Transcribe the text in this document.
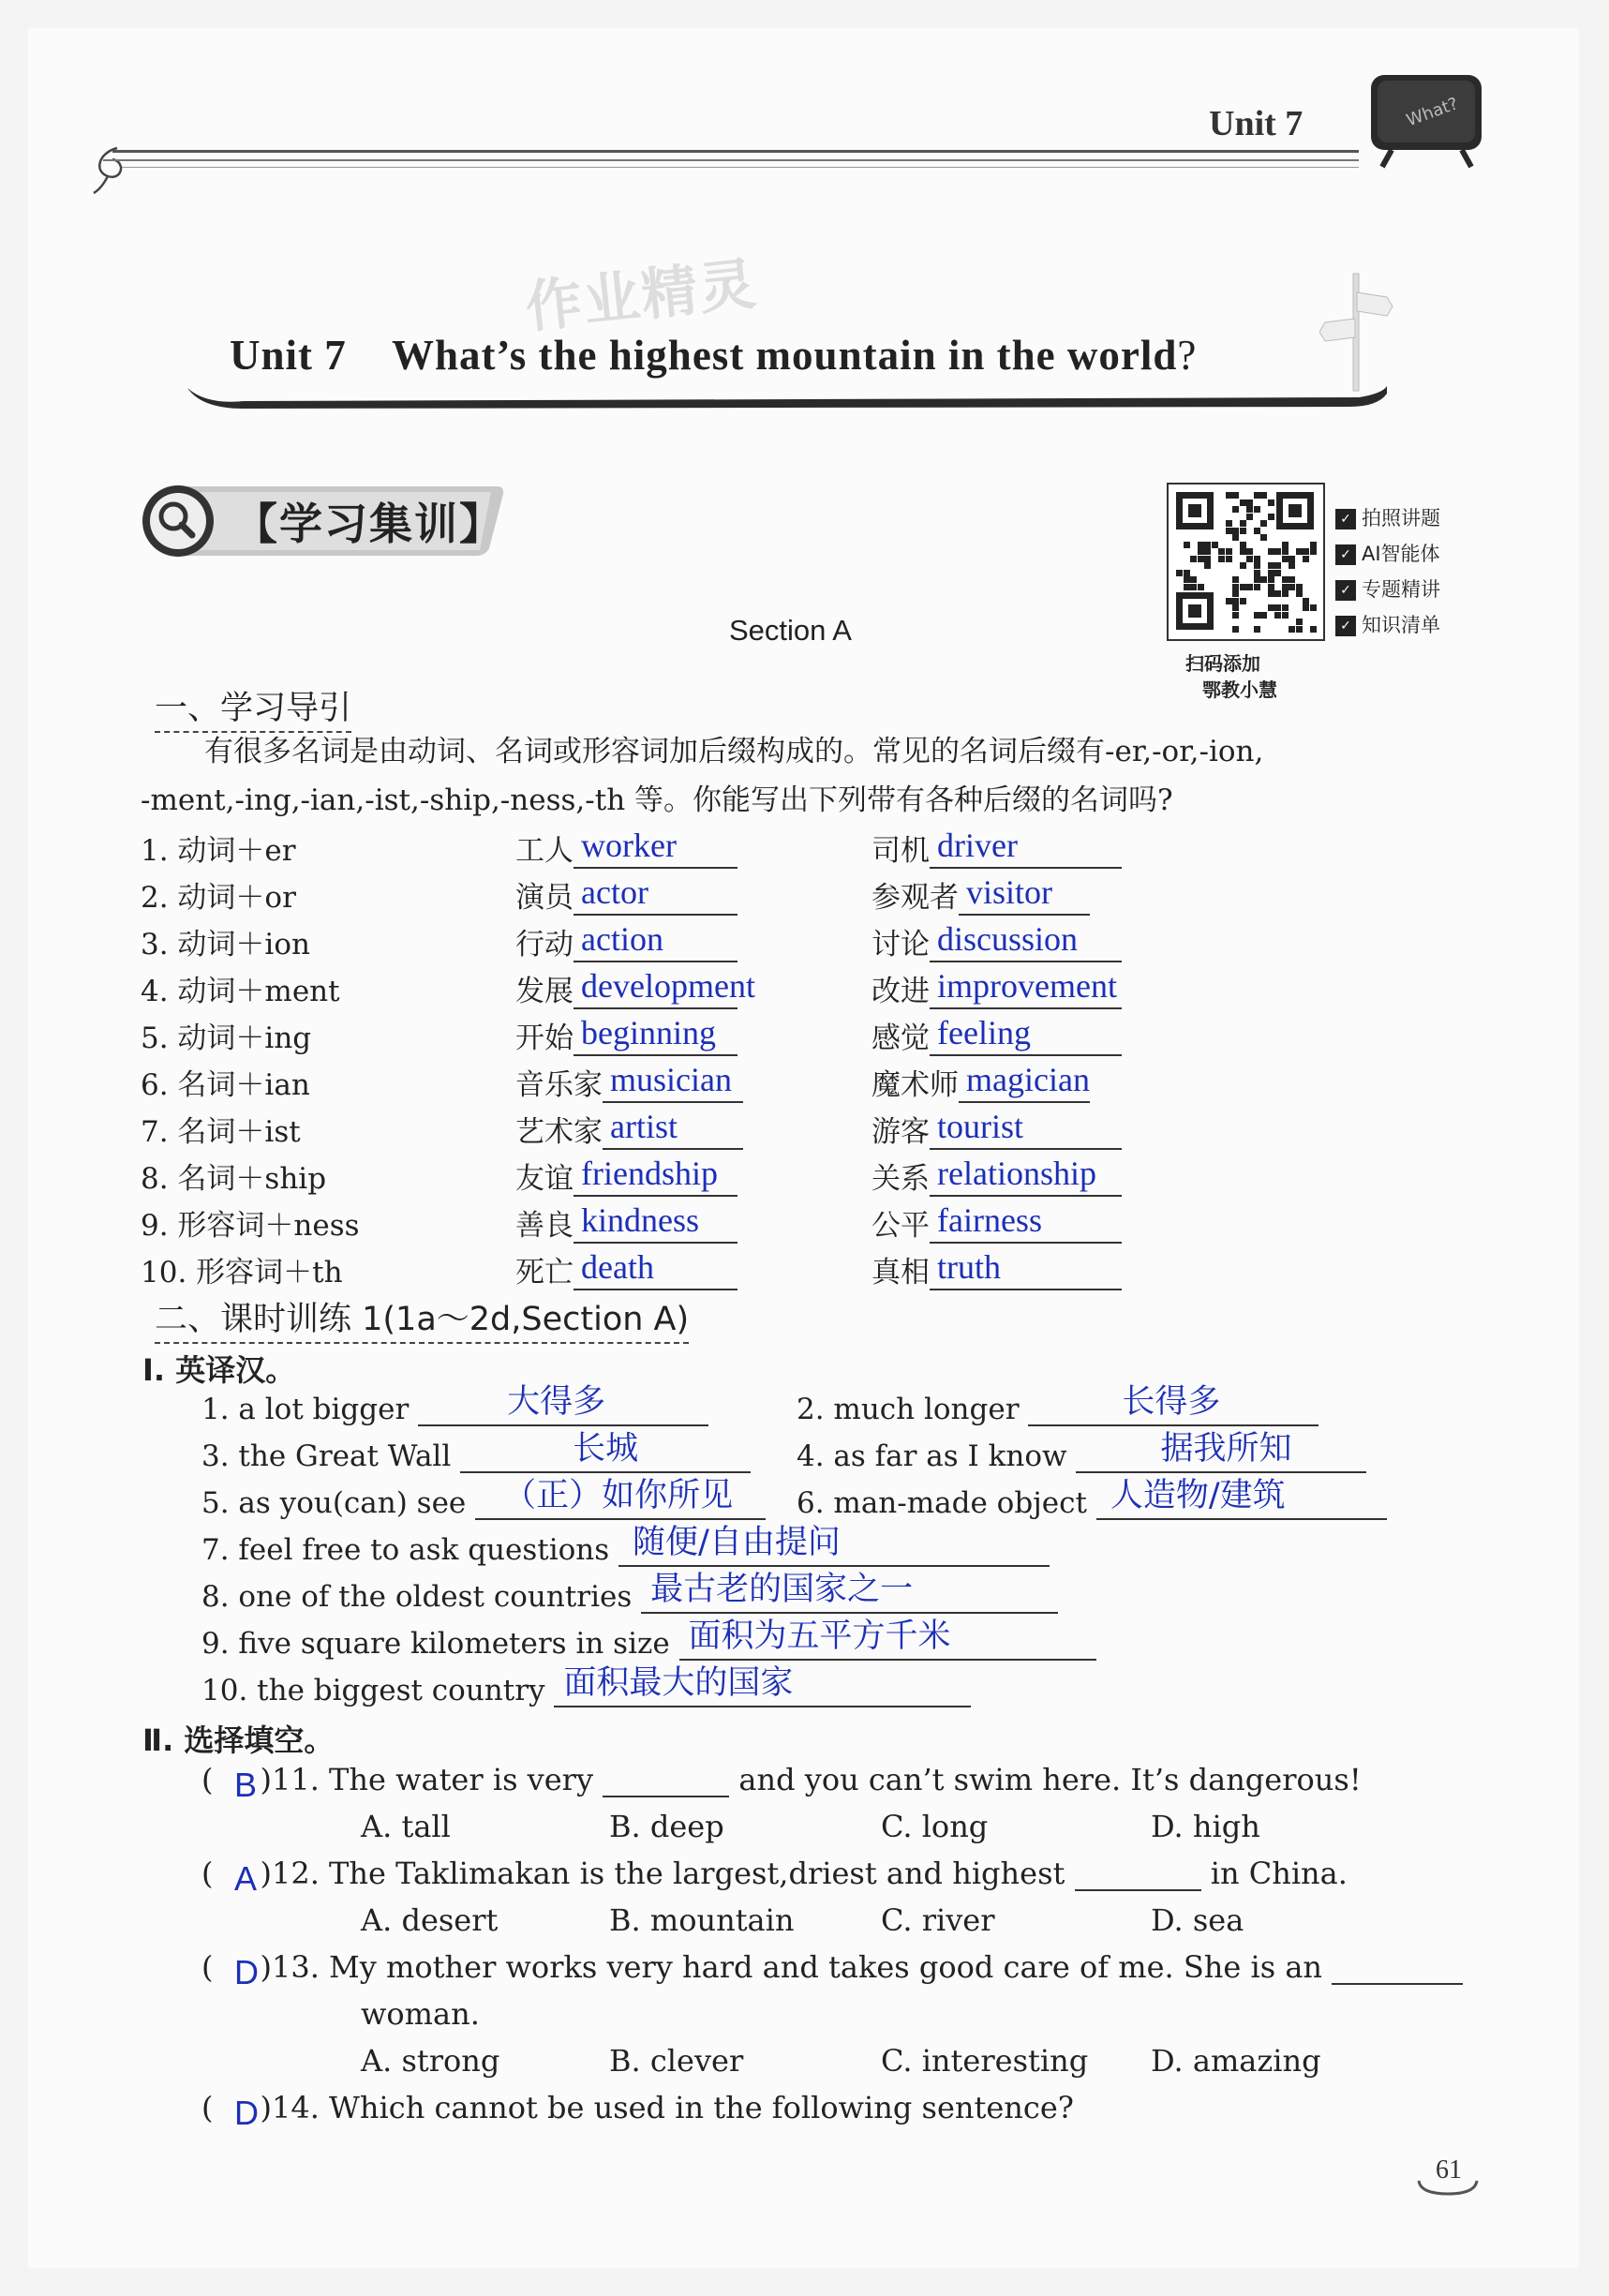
Unit 7	What?
作业精灵
Unit 7 What’s the highest mountain in the world?
【学习集训】	✓ 拍照讲题
✓ AI智能体
✓ 专题精讲
✓ 知识清单
扫码添加
鄂教小慧
Section A
一、学习导引
有很多名词是由动词、名词或形容词加后缀构成的。常见的名词后缀有-er,-or,-ion,
-ment,-ing,-ian,-ist,-ship,-ness,-th 等。你能写出下列带有各种后缀的名词吗?
1. 动词＋er	工人 worker	司机 driver
2. 动词＋or	演员 actor	参观者 visitor
3. 动词＋ion	行动 action	讨论 discussion
4. 动词＋ment	发展 development	改进 improvement
5. 动词＋ing	开始 beginning	感觉 feeling
6. 名词＋ian	音乐家 musician	魔术师 magician
7. 名词＋ist	艺术家 artist	游客 tourist
8. 名词＋ship	友谊 friendship	关系 relationship
9. 形容词＋ness	善良 kindness	公平 fairness
10. 形容词＋th	死亡 death	真相 truth
二、课时训练 1(1a～2d,Section A)
Ⅰ. 英译汉。
1. a lot bigger	大得多	2. much longer	长得多
3. the Great Wall	长城	4. as far as I know	据我所知
5. as you(can) see （正）如你所见 6. man-made object 人造物/建筑
7. feel free to ask questions 随便/自由提问
8. one of the oldest countries 最古老的国家之一
9. five square kilometers in size 面积为五平方千米
10. the biggest country 面积最大的国家
Ⅱ. 选择填空。
( )11. The water is very	and you can’t swim here. It’s dangerous!
B
A. tall	B. deep	C. long	D. high
( )12. The Taklimakan is the largest,driest and highest	in China.
A
A. desert	B. mountain	C. river	D. sea
( )13. My mother works very hard and takes good care of me. She is an
D
woman.
A. strong	B. clever	C. interesting D. amazing
( )14. Which cannot be used in the following sentence?
D
61
